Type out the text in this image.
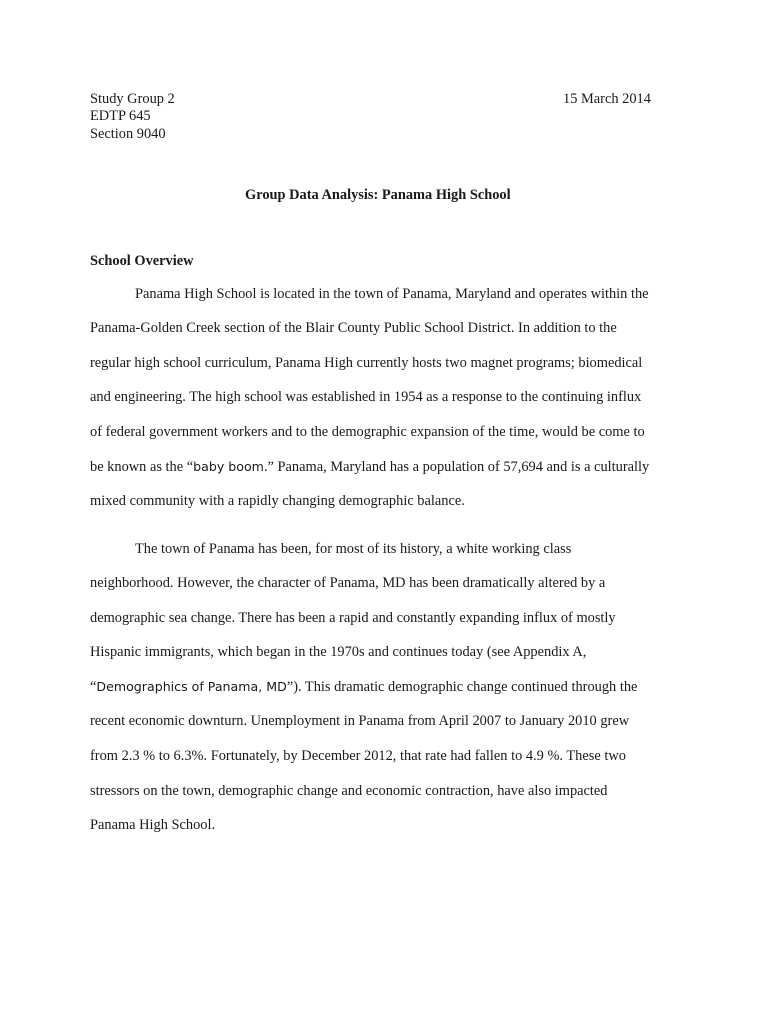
Study Group 2

EDTP 645

Section 9040

15 March 2014

Group Data Analysis: Panama High School

School Overview

Panama High School is located in the town of Panama, Maryland and operates within the

Panama-Golden Creek section of the Blair County Public School District. In addition to the

regular high school curriculum, Panama High currently hosts two magnet programs; biomedical

and engineering. The high school was established in 1954 as a response to the continuing influx

of federal government workers and to the demographic expansion of the time, would be come to

be known as the “baby boom.” Panama, Maryland has a population of 57,694 and is a culturally

mixed community with a rapidly changing demographic balance.

The town of Panama has been, for most of its history, a white working class

neighborhood. However, the character of Panama, MD has been dramatically altered by a

demographic sea change. There has been a rapid and constantly expanding influx of mostly

Hispanic immigrants, which began in the 1970s and continues today (see Appendix A,

“Demographics of Panama, MD”). This dramatic demographic change continued through the

recent economic downturn. Unemployment in Panama from April 2007 to January 2010 grew

from 2.3 % to 6.3%. Fortunately, by December 2012, that rate had fallen to 4.9 %. These two

stressors on the town, demographic change and economic contraction, have also impacted

Panama High School.
